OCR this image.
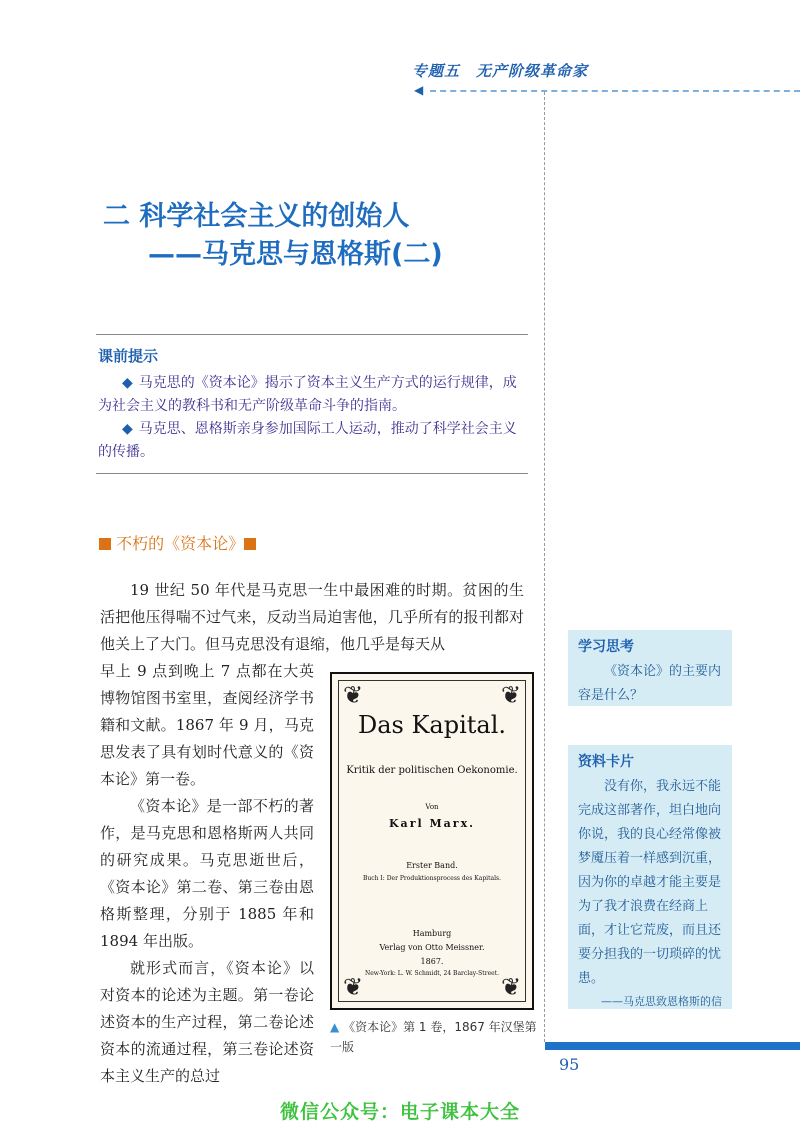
专题五　无产阶级革命家
◀
二 科学社会主义的创始人
——马克思与恩格斯(二)
课前提示
◆ 马克思的《资本论》揭示了资本主义生产方式的运行规律，成为社会主义的教科书和无产阶级革命斗争的指南。
◆ 马克思、恩格斯亲身参加国际工人运动，推动了科学社会主义的传播。
不朽的《资本论》

19 世纪 50 年代是马克思一生中最困难的时期。贫困的生活把他压得喘不过气来，反动当局迫害他，几乎所有的报刊都对他关上了大门。但马克思没有退缩，他几乎是每天从

早上 9 点到晚上 7 点都在大英博物馆图书室里，查阅经济学书籍和文献。1867 年 9 月，马克思发表了具有划时代意义的《资本论》第一卷。

《资本论》是一部不朽的著作，是马克思和恩格斯两人共同的研究成果。马克思逝世后，《资本论》第二卷、第三卷由恩格斯整理，分别于 1885 年和 1894 年出版。

就形式而言，《资本论》以对资本的论述为主题。第一卷论述资本的生产过程，第二卷论述资本的流通过程，第三卷论述资本主义生产的总过

❦	❦
❦	❦
Das Kapital.
Kritik der politischen Oekonomie.
Von
Karl Marx.
Erster Band.
Buch I: Der Produktionsprocess des Kapitals.
Hamburg
Verlag von Otto Meissner.
1867.
New-York: L. W. Schmidt, 24 Barclay-Street.
▲ 《资本论》第 1 卷，1867 年汉堡第一版
学习思考
《资本论》的主要内容是什么？
资料卡片
没有你，我永远不能完成这部著作，坦白地向你说，我的良心经常像被梦魇压着一样感到沉重，因为你的卓越才能主要是为了我才浪费在经商上面，才让它荒废，而且还要分担我的一切琐碎的忧患。
——马克思致恩格斯的信
95
微信公众号：电子课本大全
